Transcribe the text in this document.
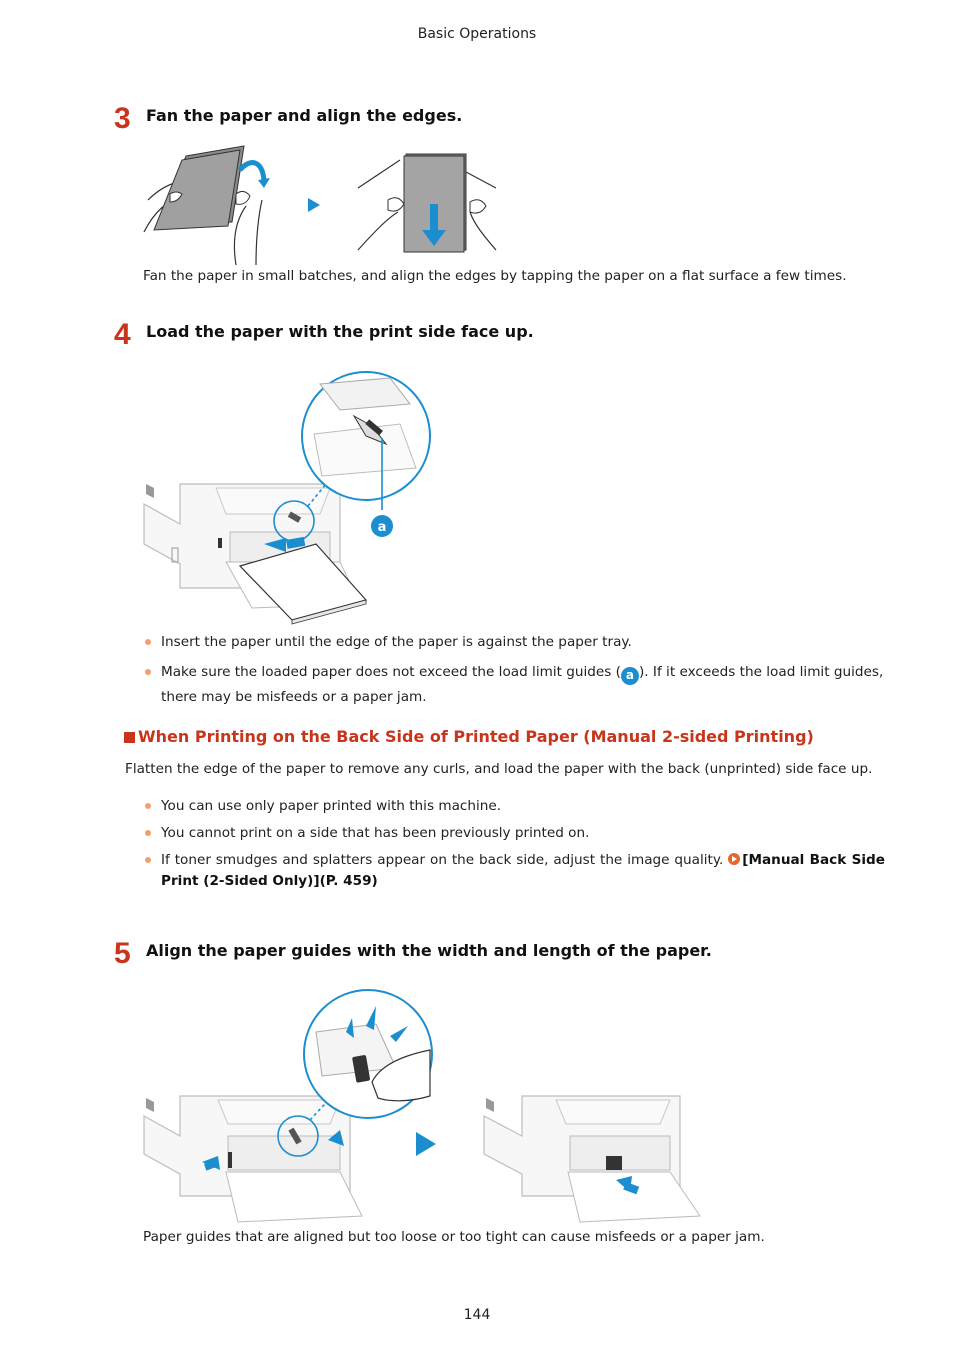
Basic Operations
3 Fan the paper and align the edges.
Fan the paper in small batches, and align the edges by tapping the paper on a flat surface a few times.
4 Load the paper with the print side face up.
a
Insert the paper until the edge of the paper is against the paper tray.
Make sure the loaded paper does not exceed the load limit guides ( a ). If it exceeds the load limit guides, there may be misfeeds or a paper jam.
When Printing on the Back Side of Printed Paper (Manual 2-sided Printing)
Flatten the edge of the paper to remove any curls, and load the paper with the back (unprinted) side face up.
You can use only paper printed with this machine.
You cannot print on a side that has been previously printed on.
If toner smudges and splatters appear on the back side, adjust the image quality. [Manual Back Side Print (2-Sided Only)](P. 459)
5 Align the paper guides with the width and length of the paper.
Paper guides that are aligned but too loose or too tight can cause misfeeds or a paper jam.
144
